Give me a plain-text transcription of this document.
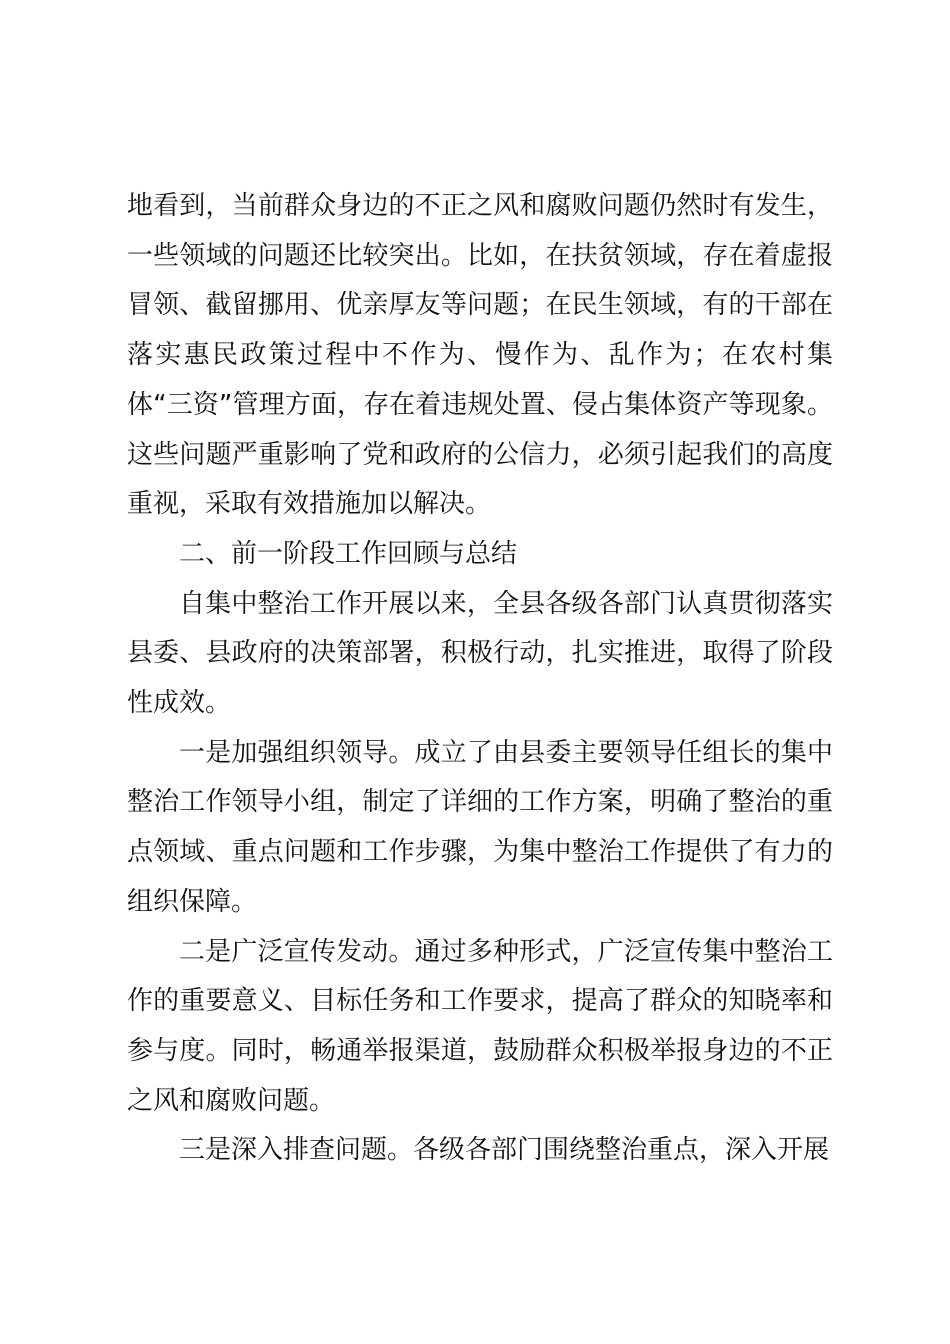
地看到，当前群众身边的不正之风和腐败问题仍然时有发生，一些领域的问题还比较突出。比如，在扶贫领域，存在着虚报冒领、截留挪用、优亲厚友等问题；在民生领域，有的干部在落实惠民政策过程中不作为、慢作为、乱作为；在农村集体“三资”管理方面，存在着违规处置、侵占集体资产等现象。这些问题严重影响了党和政府的公信力，必须引起我们的高度重视，采取有效措施加以解决。

二、前一阶段工作回顾与总结

自集中整治工作开展以来，全县各级各部门认真贯彻落实县委、县政府的决策部署，积极行动，扎实推进，取得了阶段性成效。

一是加强组织领导。成立了由县委主要领导任组长的集中整治工作领导小组，制定了详细的工作方案，明确了整治的重点领域、重点问题和工作步骤，为集中整治工作提供了有力的组织保障。

二是广泛宣传发动。通过多种形式，广泛宣传集中整治工作的重要意义、目标任务和工作要求，提高了群众的知晓率和参与度。同时，畅通举报渠道，鼓励群众积极举报身边的不正之风和腐败问题。

三是深入排查问题。各级各部门围绕整治重点，深入开展
